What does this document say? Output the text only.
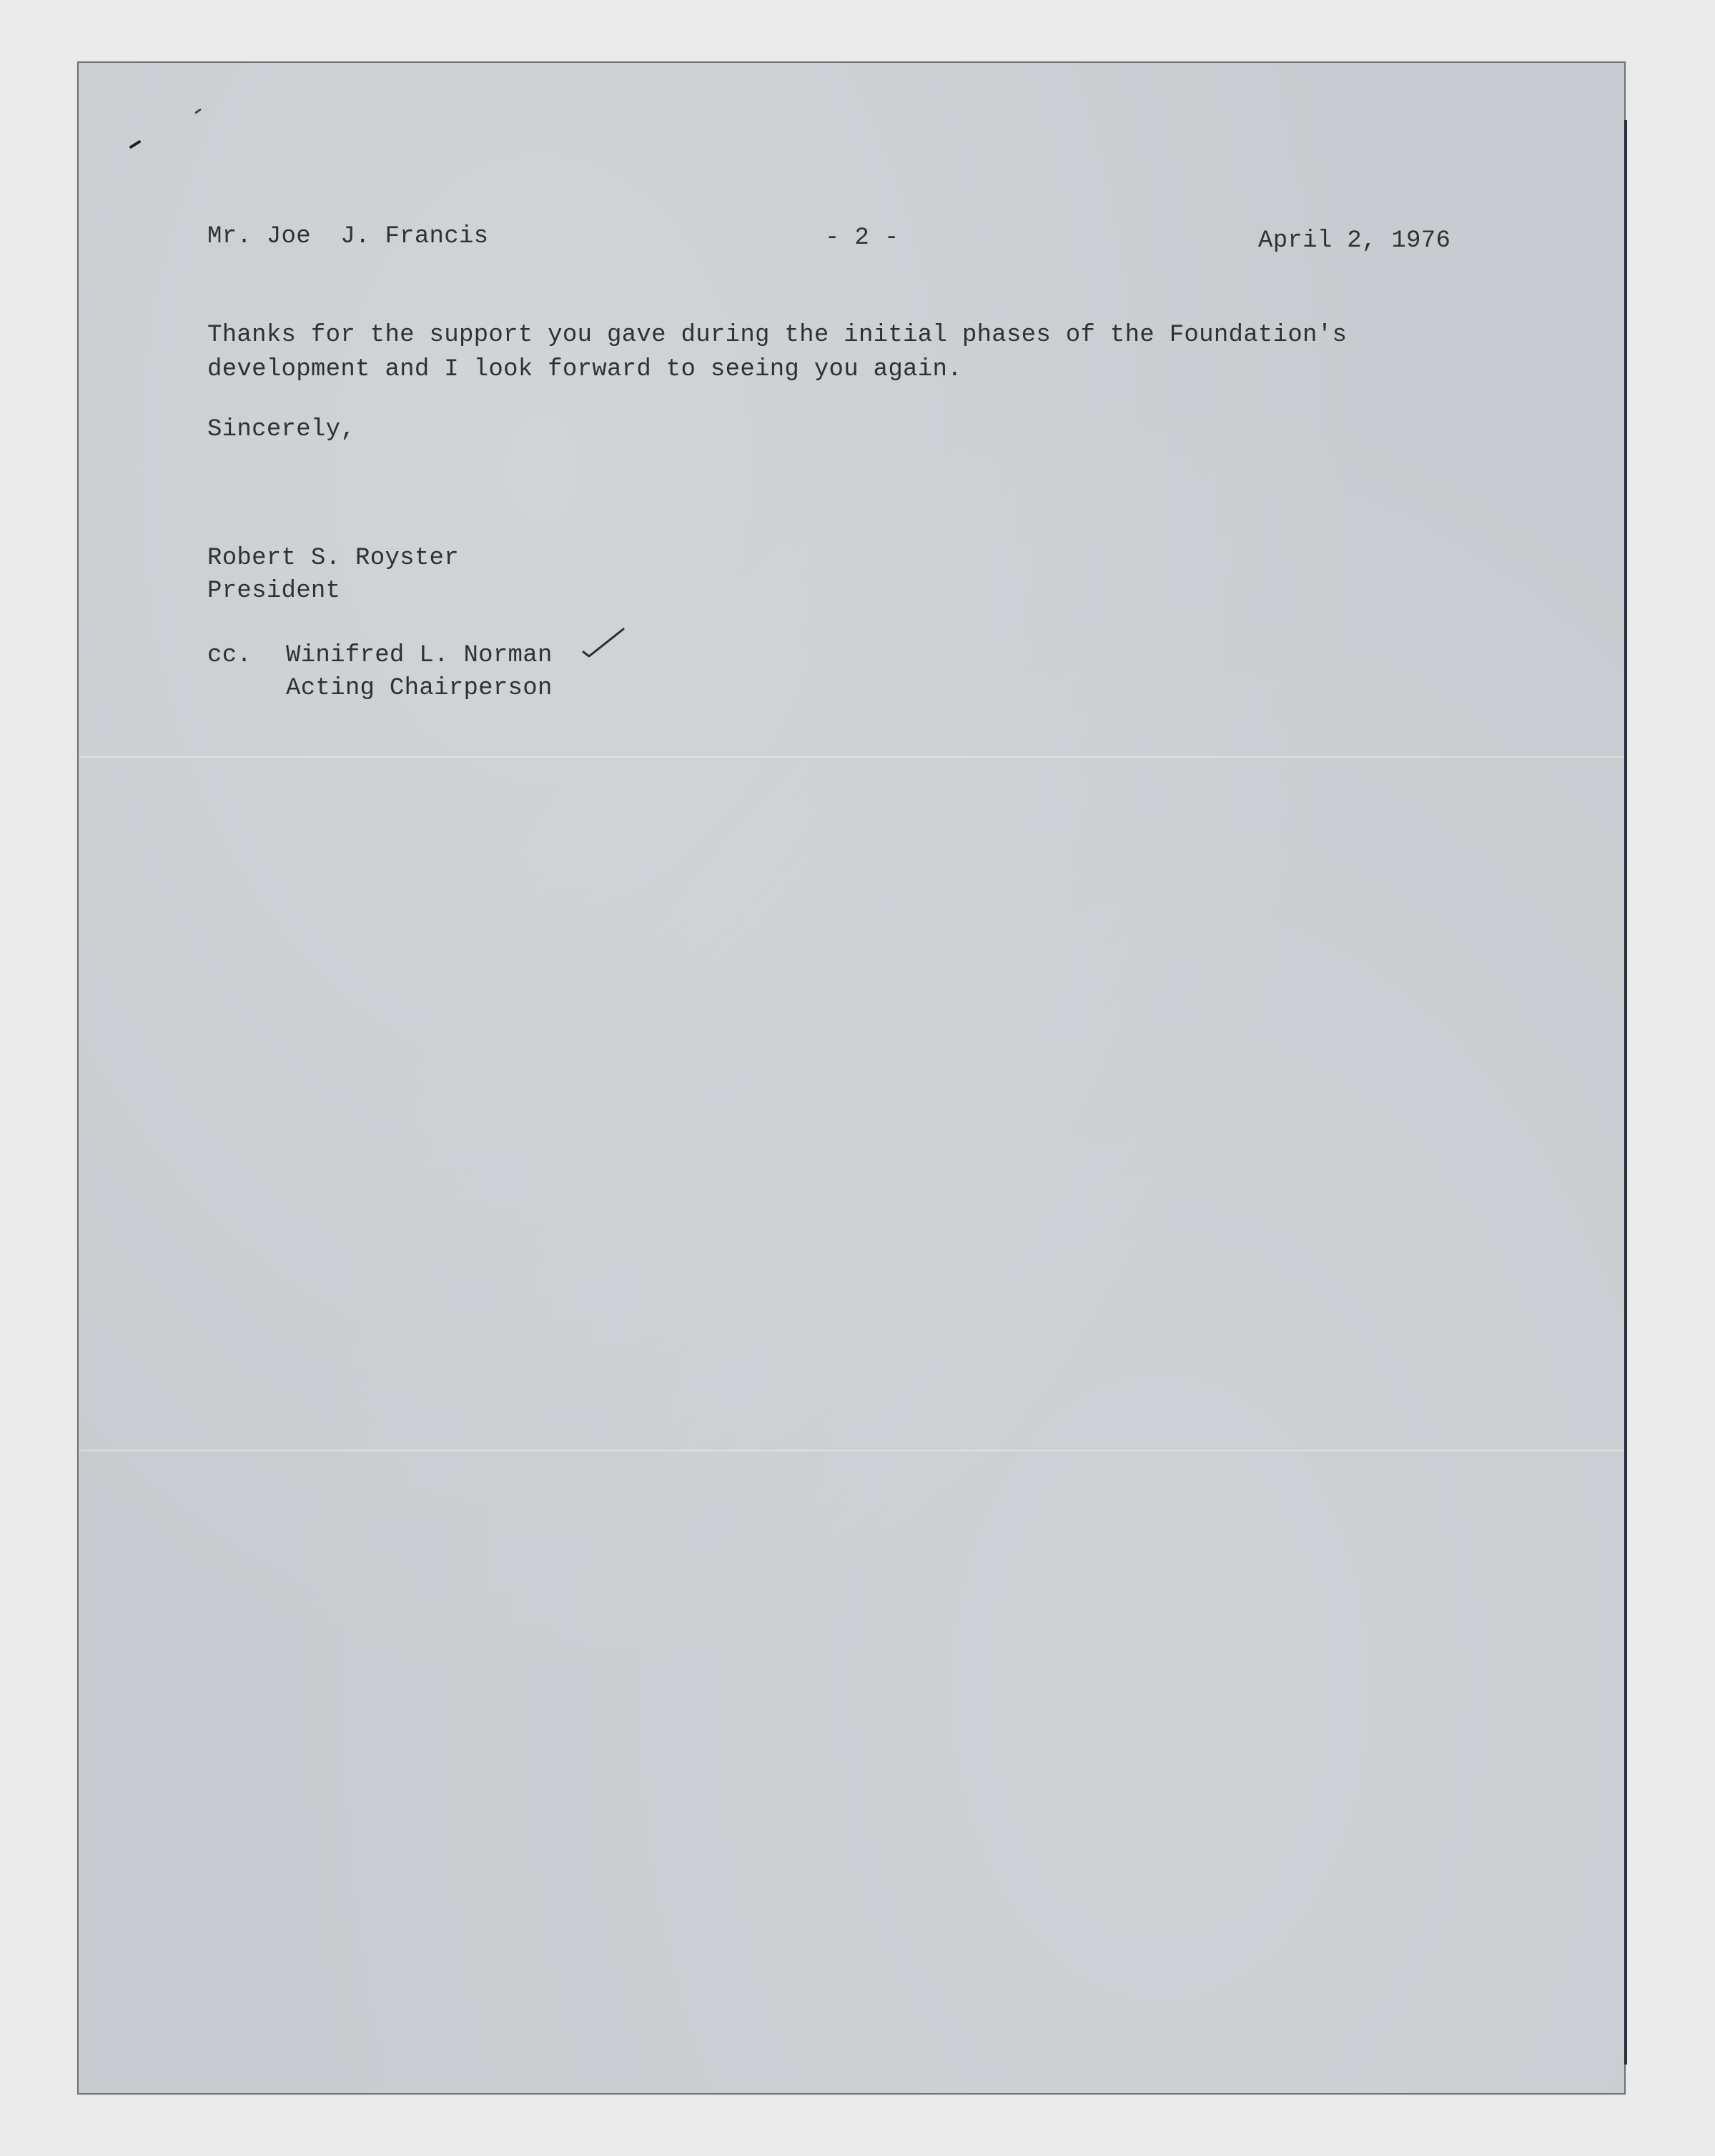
Mr. Joe  J. Francis	- 2 -	April 2, 1976
Thanks for the support you gave during the initial phases of the Foundation's
development and I look forward to seeing you again.
Sincerely,
Robert S. Royster
President
cc. Winifred L. Norman
Acting Chairperson
